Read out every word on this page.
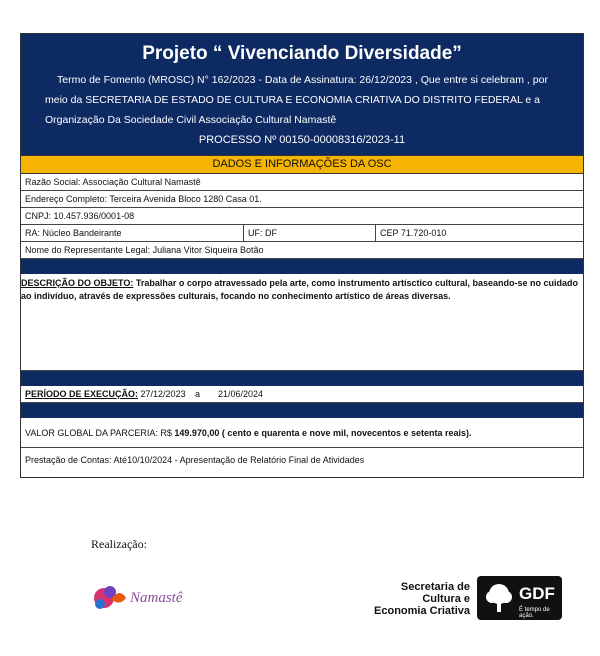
Projeto “ Vivenciando Diversidade”
Termo de Fomento (MROSC) N° 162/2023 - Data de Assinatura: 26/12/2023 , Que entre si celebram , por
meio da SECRETARIA DE ESTADO DE CULTURA E ECONOMIA CRIATIVA DO DISTRITO FEDERAL e a
Organização Da Sociedade Civil Associação Cultural Namastê
PROCESSO Nº 00150-00008316/2023-11
DADOS E INFORMAÇÕES DA OSC
Razão Social: Associação Cultural Namastê
Endereço Completo: Terceira Avenida Bloco 1280 Casa 01.
CNPJ: 10.457.936/0001-08
RA: Núcleo Bandeirante	UF: DF	CEP 71.720-010
Nome do Representante Legal: Juliana Vitor Siqueira Botão
DESCRIÇÃO DO OBJETO: Trabalhar o corpo atravessado pela arte, como instrumento artísctico cultural, baseando-se no cuidado ao indivíduo, através de expressões culturais, focando no conhecimento artístico de áreas diversas.
PERÍODO DE EXECUÇÃO: 27/12/2023 a 21/06/2024
VALOR GLOBAL DA PARCERIA: R$ 149.970,00 ( cento e quarenta e nove mil, novecentos e setenta reais).
Prestação de Contas: Até10/10/2024 - Apresentação de Relatório Final de Atividades
Realização:
Namastê
Secretaria de
Cultura e
Economia Criativa
GDF
É tempo de ação.
